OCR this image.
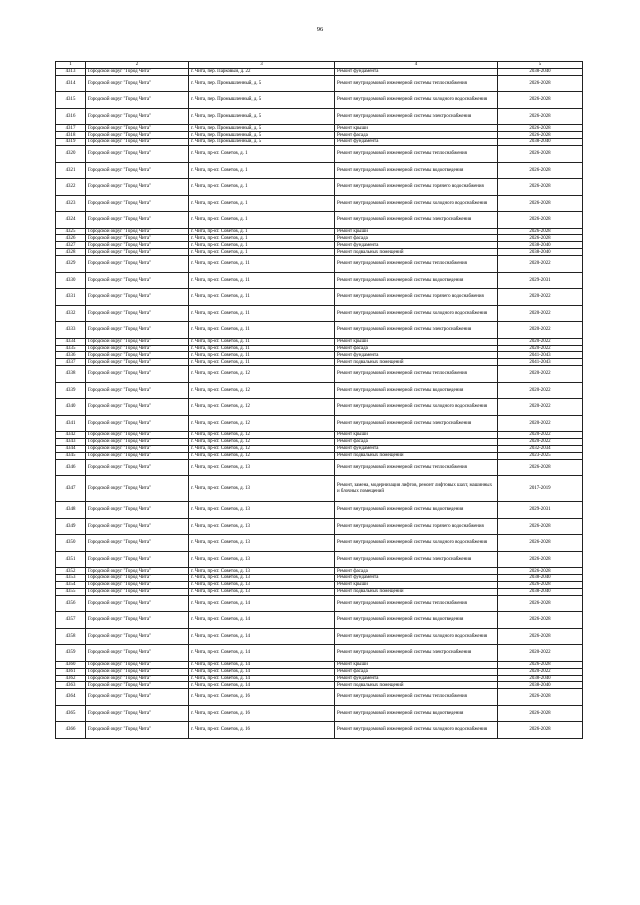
96
1	2	3	4	5
4313	Городской округ "Город Чита"	г. Чита, пер. Парковый, д. 22	Ремонт фундамента	2038-2040
4314	Городской округ "Город Чита"	г. Чита, пер. Промышленный, д. 5	Ремонт внутридомовой инженерной системы теплоснабжения	2026-2028
4315	Городской округ "Город Чита"	г. Чита, пер. Промышленный, д. 5	Ремонт внутридомовой инженерной системы холодного водоснабжения	2026-2028
4316	Городской округ "Город Чита"	г. Чита, пер. Промышленный, д. 5	Ремонт внутридомовой инженерной системы электроснабжения	2026-2028
4317	Городской округ "Город Чита"	г. Чита, пер. Промышленный, д. 5	Ремонт крыши	2026-2028
4318	Городской округ "Город Чита"	г. Чита, пер. Промышленный, д. 5	Ремонт фасада	2026-2028
4319	Городской округ "Город Чита"	г. Чита, пер. Промышленный, д. 5	Ремонт фундамента	2038-2040
4320	Городской округ "Город Чита"	г. Чита, пр-кт. Советов, д. 1	Ремонт внутридомовой инженерной системы теплоснабжения	2026-2028
4321	Городской округ "Город Чита"	г. Чита, пр-кт. Советов, д. 1	Ремонт внутридомовой инженерной системы водоотведения	2026-2028
4322	Городской округ "Город Чита"	г. Чита, пр-кт. Советов, д. 1	Ремонт внутридомовой инженерной системы горячего водоснабжения	2026-2028
4323	Городской округ "Город Чита"	г. Чита, пр-кт. Советов, д. 1	Ремонт внутридомовой инженерной системы холодного водоснабжения	2026-2028
4324	Городской округ "Город Чита"	г. Чита, пр-кт. Советов, д. 1	Ремонт внутридомовой инженерной системы электроснабжения	2026-2028
4325	Городской округ "Город Чита"	г. Чита, пр-кт. Советов, д. 1	Ремонт крыши	2026-2028
4326	Городской округ "Город Чита"	г. Чита, пр-кт. Советов, д. 1	Ремонт фасада	2026-2028
4327	Городской округ "Город Чита"	г. Чита, пр-кт. Советов, д. 1	Ремонт фундамента	2038-2040
4328	Городской округ "Город Чита"	г. Чита, пр-кт. Советов, д. 1	Ремонт подвальных помещений	2038-2040
4329	Городской округ "Город Чита"	г. Чита, пр-кт. Советов, д. 11	Ремонт внутридомовой инженерной системы теплоснабжения	2020-2022
4330	Городской округ "Город Чита"	г. Чита, пр-кт. Советов, д. 11	Ремонт внутридомовой инженерной системы водоотведения	2029-2031
4331	Городской округ "Город Чита"	г. Чита, пр-кт. Советов, д. 11	Ремонт внутридомовой инженерной системы горячего водоснабжения	2020-2022
4332	Городской округ "Город Чита"	г. Чита, пр-кт. Советов, д. 11	Ремонт внутридомовой инженерной системы холодного водоснабжения	2020-2022
4333	Городской округ "Город Чита"	г. Чита, пр-кт. Советов, д. 11	Ремонт внутридомовой инженерной системы электроснабжения	2020-2022
4334	Городской округ "Город Чита"	г. Чита, пр-кт. Советов, д. 11	Ремонт крыши	2020-2022
4335	Городской округ "Город Чита"	г. Чита, пр-кт. Советов, д. 11	Ремонт фасада	2020-2022
4336	Городской округ "Город Чита"	г. Чита, пр-кт. Советов, д. 11	Ремонт фундамента	2041-2043
4337	Городской округ "Город Чита"	г. Чита, пр-кт. Советов, д. 11	Ремонт подвальных помещений	2041-2043
4338	Городской округ "Город Чита"	г. Чита, пр-кт. Советов, д. 12	Ремонт внутридомовой инженерной системы теплоснабжения	2020-2022
4339	Городской округ "Город Чита"	г. Чита, пр-кт. Советов, д. 12	Ремонт внутридомовой инженерной системы водоотведения	2020-2022
4340	Городской округ "Город Чита"	г. Чита, пр-кт. Советов, д. 12	Ремонт внутридомовой инженерной системы холодного водоснабжения	2020-2022
4341	Городской округ "Город Чита"	г. Чита, пр-кт. Советов, д. 12	Ремонт внутридомовой инженерной системы электроснабжения	2020-2022
4342	Городской округ "Город Чита"	г. Чита, пр-кт. Советов, д. 12	Ремонт крыши	2020-2022
4343	Городской округ "Город Чита"	г. Чита, пр-кт. Советов, д. 12	Ремонт фасада	2020-2022
4344	Городской округ "Город Чита"	г. Чита, пр-кт. Советов, д. 12	Ремонт фундамента	2032-2034
4345	Городской округ "Город Чита"	г. Чита, пр-кт. Советов, д. 12	Ремонт подвальных помещений	2023-2025
4346	Городской округ "Город Чита"	г. Чита, пр-кт. Советов, д. 13	Ремонт внутридомовой инженерной системы теплоснабжения	2026-2028
4347	Городской округ "Город Чита"	г. Чита, пр-кт. Советов, д. 13	Ремонт, замена, модернизация лифтов, ремонт лифтовых шахт, машинных и блочных помещений	2017-2019
4348	Городской округ "Город Чита"	г. Чита, пр-кт. Советов, д. 13	Ремонт внутридомовой инженерной системы водоотведения	2029-2031
4349	Городской округ "Город Чита"	г. Чита, пр-кт. Советов, д. 13	Ремонт внутридомовой инженерной системы горячего водоснабжения	2026-2028
4350	Городской округ "Город Чита"	г. Чита, пр-кт. Советов, д. 13	Ремонт внутридомовой инженерной системы холодного водоснабжения	2026-2028
4351	Городской округ "Город Чита"	г. Чита, пр-кт. Советов, д. 13	Ремонт внутридомовой инженерной системы электроснабжения	2026-2028
4352	Городской округ "Город Чита"	г. Чита, пр-кт. Советов, д. 13	Ремонт фасада	2026-2028
4353	Городской округ "Город Чита"	г. Чита, пр-кт. Советов, д. 13	Ремонт фундамента	2038-2040
4354	Городской округ "Город Чита"	г. Чита, пр-кт. Советов, д. 13	Ремонт крыши	2026-2028
4355	Городской округ "Город Чита"	г. Чита, пр-кт. Советов, д. 13	Ремонт подвальных помещений	2038-2040
4356	Городской округ "Город Чита"	г. Чита, пр-кт. Советов, д. 14	Ремонт внутридомовой инженерной системы теплоснабжения	2026-2028
4357	Городской округ "Город Чита"	г. Чита, пр-кт. Советов, д. 14	Ремонт внутридомовой инженерной системы водоотведения	2026-2028
4358	Городской округ "Город Чита"	г. Чита, пр-кт. Советов, д. 14	Ремонт внутридомовой инженерной системы холодного водоснабжения	2026-2028
4359	Городской округ "Город Чита"	г. Чита, пр-кт. Советов, д. 14	Ремонт внутридомовой инженерной системы электроснабжения	2020-2022
4360	Городской округ "Город Чита"	г. Чита, пр-кт. Советов, д. 14	Ремонт крыши	2026-2028
4361	Городской округ "Город Чита"	г. Чита, пр-кт. Советов, д. 14	Ремонт фасада	2020-2022
4362	Городской округ "Город Чита"	г. Чита, пр-кт. Советов, д. 14	Ремонт фундамента	2038-2040
4363	Городской округ "Город Чита"	г. Чита, пр-кт. Советов, д. 14	Ремонт подвальных помещений	2038-2040
4364	Городской округ "Город Чита"	г. Чита, пр-кт. Советов, д. 16	Ремонт внутридомовой инженерной системы теплоснабжения	2026-2028
4365	Городской округ "Город Чита"	г. Чита, пр-кт. Советов, д. 16	Ремонт внутридомовой инженерной системы водоотведения	2026-2028
4366	Городской округ "Город Чита"	г. Чита, пр-кт. Советов, д. 16	Ремонт внутридомовой инженерной системы холодного водоснабжения	2026-2028
